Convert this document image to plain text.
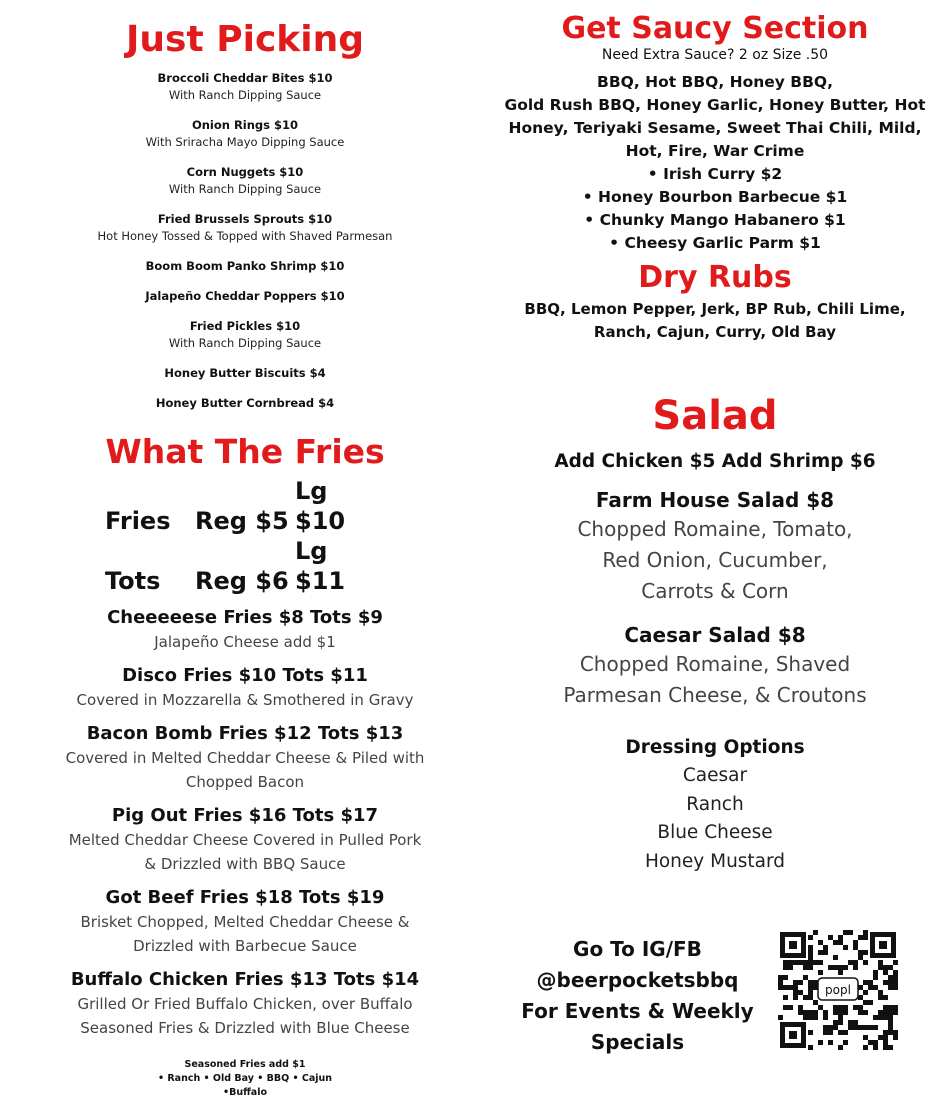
Just Picking
Broccoli Cheddar Bites $10
With Ranch Dipping Sauce
Onion Rings $10
With Sriracha Mayo Dipping Sauce
Corn Nuggets $10
With Ranch Dipping Sauce
Fried Brussels Sprouts $10
Hot Honey Tossed & Topped with Shaved Parmesan
Boom Boom Panko Shrimp $10
Jalapeño Cheddar Poppers $10
Fried Pickles $10
With Ranch Dipping Sauce
Honey Butter Biscuits $4
Honey Butter Cornbread $4
What The Fries
Fries Reg $5Lg $10
Tots Reg $6Lg $11
Cheeeeese Fries $8 Tots $9
Jalapeño Cheese add $1
Disco Fries $10 Tots $11
Covered in Mozzarella & Smothered in Gravy
Bacon Bomb Fries $12 Tots $13
Covered in Melted Cheddar Cheese & Piled with
Chopped Bacon
Pig Out Fries $16 Tots $17
Melted Cheddar Cheese Covered in Pulled Pork
& Drizzled with BBQ Sauce
Got Beef Fries $18 Tots $19
Brisket Chopped, Melted Cheddar Cheese &
Drizzled with Barbecue Sauce
Buffalo Chicken Fries $13 Tots $14
Grilled Or Fried Buffalo Chicken, over Buffalo
Seasoned Fries & Drizzled with Blue Cheese
Seasoned Fries add $1
• Ranch • Old Bay • BBQ • Cajun
•Buffalo
Get Saucy Section
Need Extra Sauce? 2 oz Size .50
BBQ, Hot BBQ, Honey BBQ,
Gold Rush BBQ, Honey Garlic, Honey Butter, Hot
Honey, Teriyaki Sesame, Sweet Thai Chili, Mild,
Hot, Fire, War Crime
• Irish Curry $2
• Honey Bourbon Barbecue $1
• Chunky Mango Habanero $1
• Cheesy Garlic Parm $1
Dry Rubs
BBQ, Lemon Pepper, Jerk, BP Rub, Chili Lime,
Ranch, Cajun, Curry, Old Bay
Salad
Add Chicken $5 Add Shrimp $6
Farm House Salad $8
Chopped Romaine, Tomato,
Red Onion, Cucumber,
Carrots & Corn
Caesar Salad $8
Chopped Romaine, Shaved
Parmesan Cheese, & Croutons
Dressing Options
Caesar
Ranch
Blue Cheese
Honey Mustard
Go To IG/FB
@beerpocketsbbq
For Events & Weekly
Specials
popl
